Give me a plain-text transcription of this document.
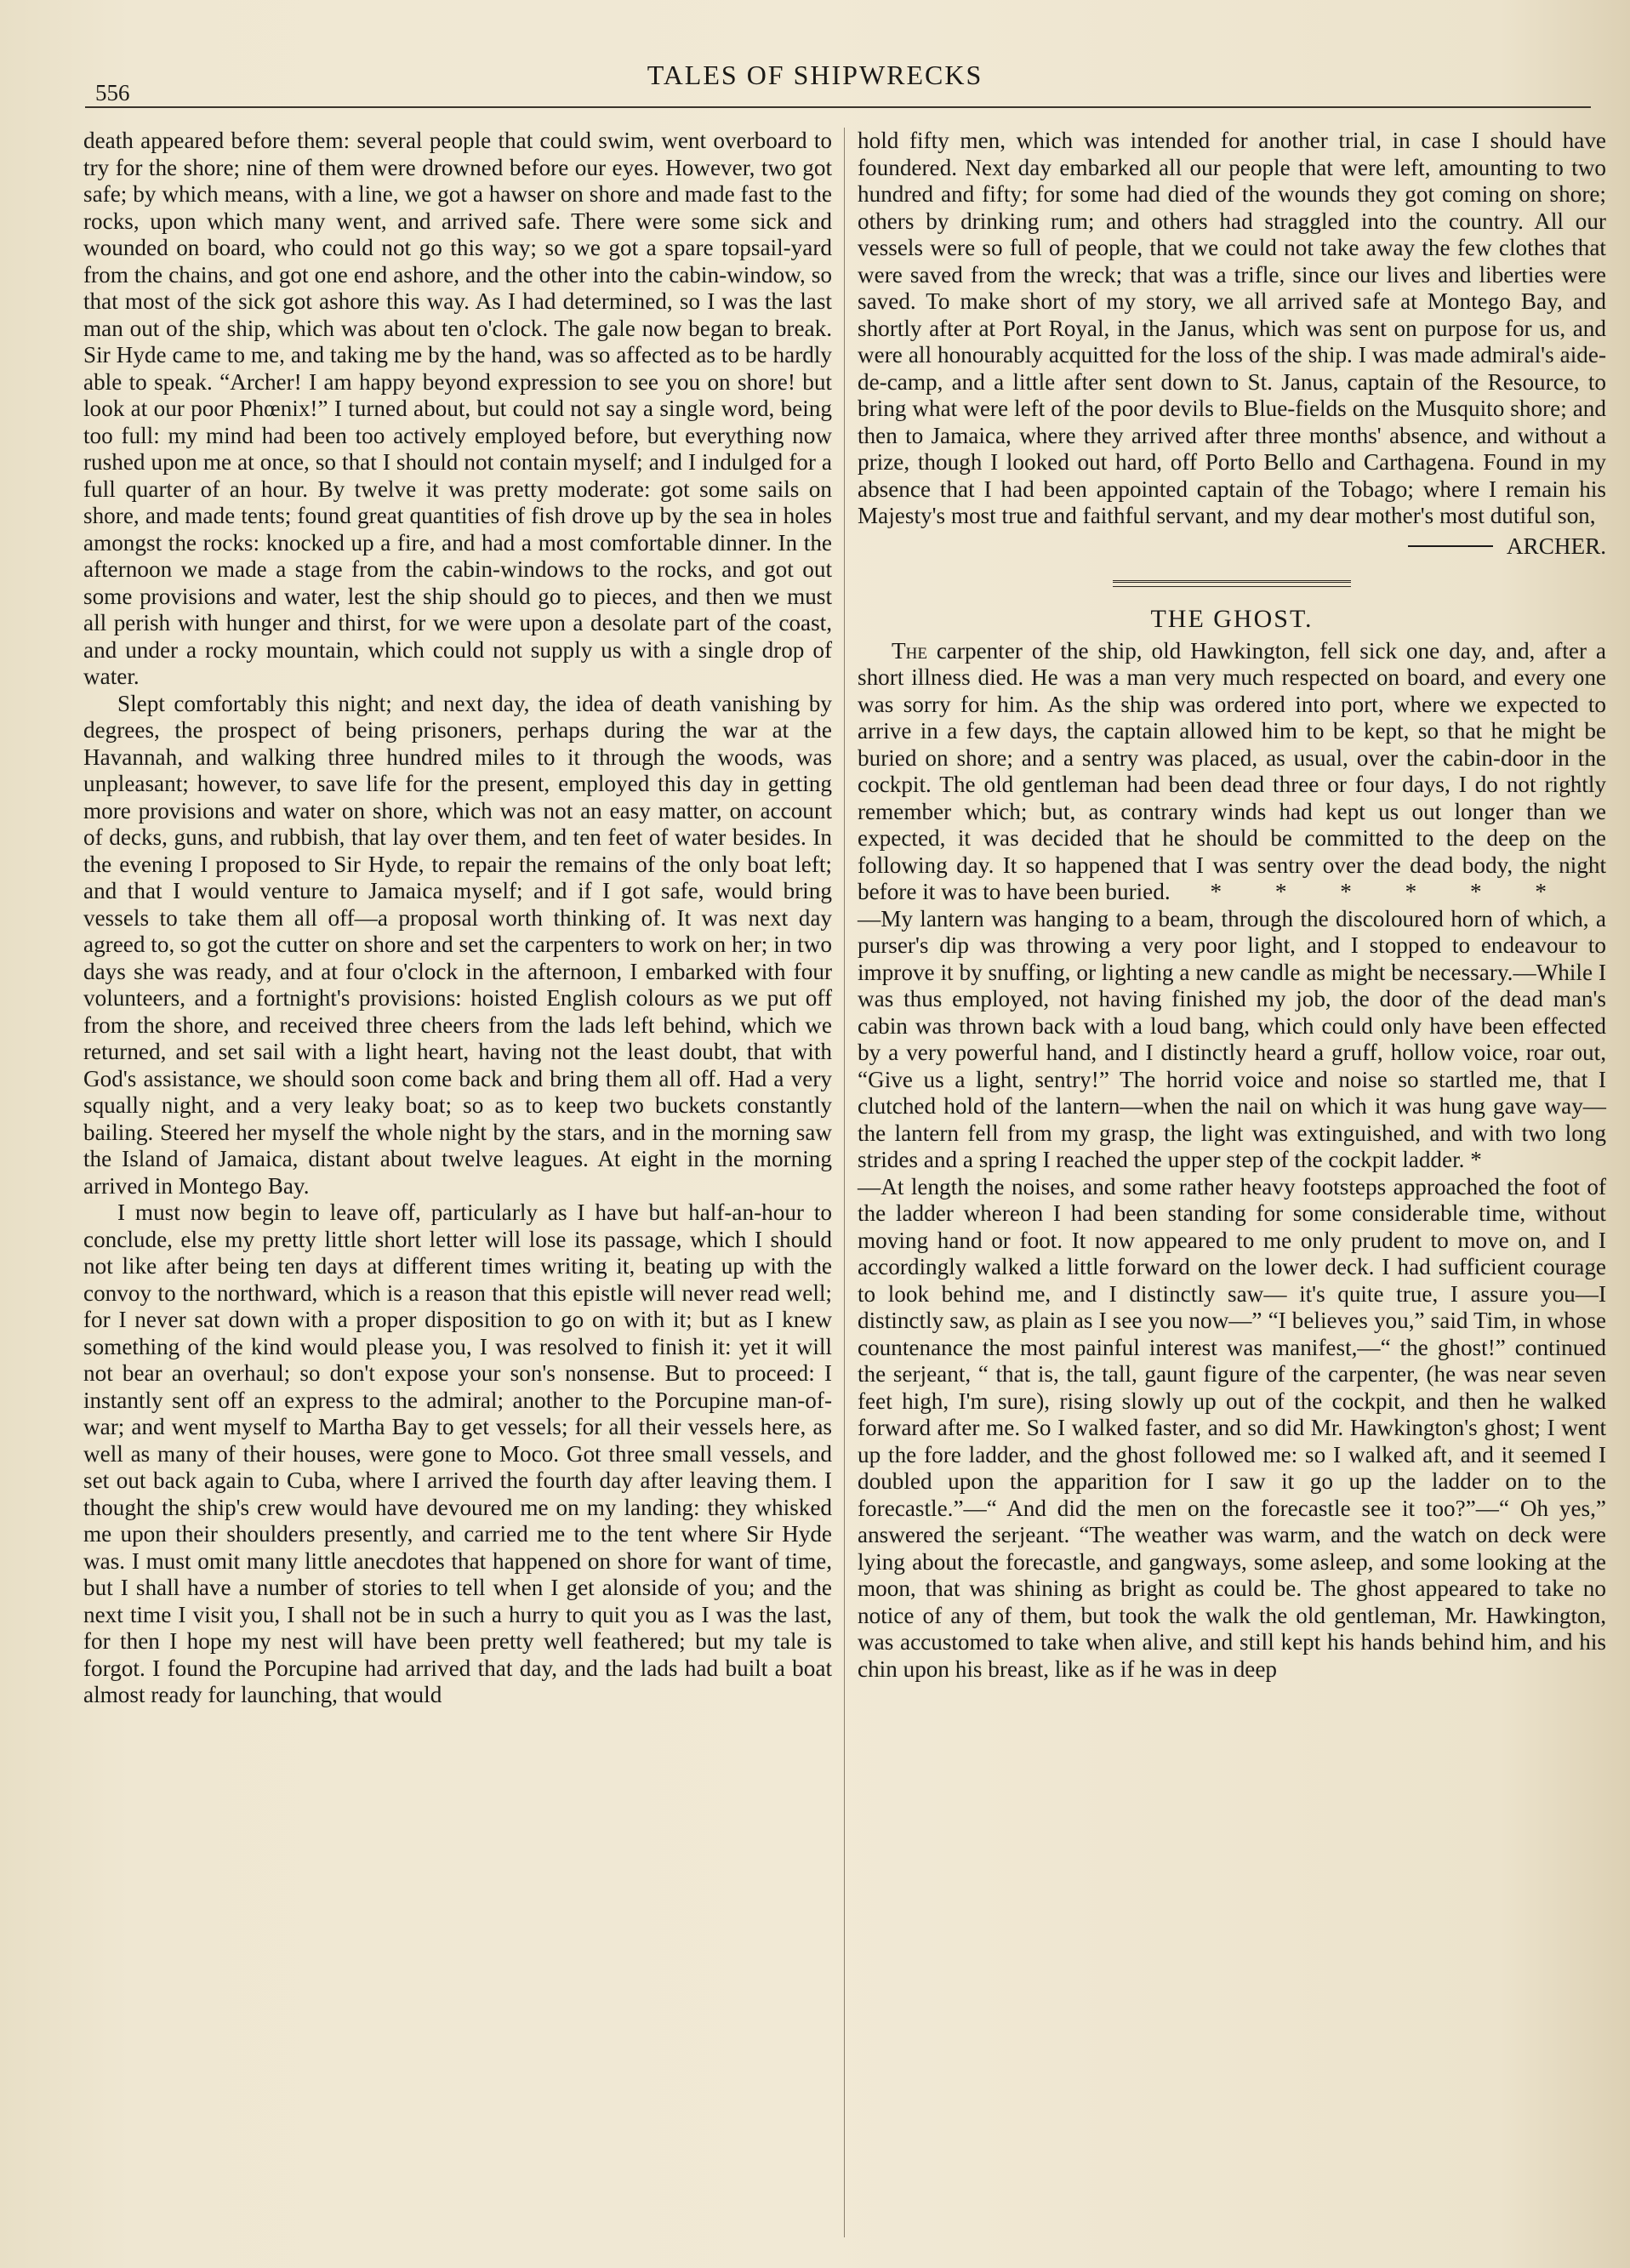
556
TALES OF SHIPWRECKS

death appeared before them: several people that could swim, went overboard to try for the shore; nine of them were drowned before our eyes. However, two got safe; by which means, with a line, we got a hawser on shore and made fast to the rocks, upon which many went, and arrived safe. There were some sick and wounded on board, who could not go this way; so we got a spare topsail-yard from the chains, and got one end ashore, and the other into the cabin-window, so that most of the sick got ashore this way. As I had determined, so I was the last man out of the ship, which was about ten o'clock. The gale now began to break. Sir Hyde came to me, and taking me by the hand, was so affected as to be hardly able to speak. “Archer! I am happy beyond expression to see you on shore! but look at our poor Phœnix!” I turned about, but could not say a single word, being too full: my mind had been too actively employed before, but everything now rushed upon me at once, so that I should not contain myself; and I indulged for a full quarter of an hour. By twelve it was pretty moderate: got some sails on shore, and made tents; found great quantities of fish drove up by the sea in holes amongst the rocks: knocked up a fire, and had a most comfortable dinner. In the afternoon we made a stage from the cabin-windows to the rocks, and got out some provisions and water, lest the ship should go to pieces, and then we must all perish with hunger and thirst, for we were upon a desolate part of the coast, and under a rocky mountain, which could not supply us with a single drop of water.

Slept comfortably this night; and next day, the idea of death vanishing by degrees, the prospect of being prisoners, perhaps during the war at the Havannah, and walking three hundred miles to it through the woods, was unpleasant; however, to save life for the present, employed this day in getting more provisions and water on shore, which was not an easy matter, on account of decks, guns, and rubbish, that lay over them, and ten feet of water besides. In the evening I proposed to Sir Hyde, to repair the remains of the only boat left; and that I would venture to Jamaica myself; and if I got safe, would bring vessels to take them all off—a proposal worth thinking of. It was next day agreed to, so got the cutter on shore and set the carpenters to work on her; in two days she was ready, and at four o'clock in the afternoon, I embarked with four volunteers, and a fortnight's provisions: hoisted English colours as we put off from the shore, and received three cheers from the lads left behind, which we returned, and set sail with a light heart, having not the least doubt, that with God's assistance, we should soon come back and bring them all off. Had a very squally night, and a very leaky boat; so as to keep two buckets constantly bailing. Steered her myself the whole night by the stars, and in the morning saw the Island of Jamaica, distant about twelve leagues. At eight in the morning arrived in Montego Bay.

I must now begin to leave off, particularly as I have but half-an-hour to conclude, else my pretty little short letter will lose its passage, which I should not like after being ten days at different times writing it, beating up with the convoy to the northward, which is a reason that this epistle will never read well; for I never sat down with a proper disposition to go on with it; but as I knew something of the kind would please you, I was resolved to finish it: yet it will not bear an overhaul; so don't expose your son's nonsense. But to proceed: I instantly sent off an express to the admiral; another to the Porcupine man-of-war; and went myself to Martha Bay to get vessels; for all their vessels here, as well as many of their houses, were gone to Moco. Got three small vessels, and set out back again to Cuba, where I arrived the fourth day after leaving them. I thought the ship's crew would have devoured me on my landing: they whisked me upon their shoulders presently, and carried me to the tent where Sir Hyde was. I must omit many little anecdotes that happened on shore for want of time, but I shall have a number of stories to tell when I get alonside of you; and the next time I visit you, I shall not be in such a hurry to quit you as I was the last, for then I hope my nest will have been pretty well feathered; but my tale is forgot. I found the Porcupine had arrived that day, and the lads had built a boat almost ready for launching, that would

hold fifty men, which was intended for another trial, in case I should have foundered. Next day embarked all our people that were left, amounting to two hundred and fifty; for some had died of the wounds they got coming on shore; others by drinking rum; and others had straggled into the country. All our vessels were so full of people, that we could not take away the few clothes that were saved from the wreck; that was a trifle, since our lives and liberties were saved. To make short of my story, we all arrived safe at Montego Bay, and shortly after at Port Royal, in the Janus, which was sent on purpose for us, and were all honourably acquitted for the loss of the ship. I was made admiral's aide-de-camp, and a little after sent down to St. Janus, captain of the Resource, to bring what were left of the poor devils to Blue-fields on the Musquito shore; and then to Jamaica, where they arrived after three months' absence, and without a prize, though I looked out hard, off Porto Bello and Carthagena. Found in my absence that I had been appointed captain of the Tobago; where I remain his Majesty's most true and faithful servant, and my dear mother's most dutiful son,

ARCHER.
THE GHOST.

The carpenter of the ship, old Hawkington, fell sick one day, and, after a short illness died. He was a man very much respected on board, and every one was sorry for him. As the ship was ordered into port, where we expected to arrive in a few days, the captain allowed him to be kept, so that he might be buried on shore; and a sentry was placed, as usual, over the cabin-door in the cockpit. The old gentleman had been dead three or four days, I do not rightly remember which; but, as contrary winds had kept us out longer than we expected, it was decided that he should be committed to the deep on the following day. It so happened that I was sentry over the dead body, the night before it was to have been buried. * * * * * *

—My lantern was hanging to a beam, through the discoloured horn of which, a purser's dip was throwing a very poor light, and I stopped to endeavour to improve it by snuffing, or lighting a new candle as might be necessary.—While I was thus employed, not having finished my job, the door of the dead man's cabin was thrown back with a loud bang, which could only have been effected by a very powerful hand, and I distinctly heard a gruff, hollow voice, roar out, “Give us a light, sentry!” The horrid voice and noise so startled me, that I clutched hold of the lantern—when the nail on which it was hung gave way— the lantern fell from my grasp, the light was extinguished, and with two long strides and a spring I reached the upper step of the cockpit ladder. *

—At length the noises, and some rather heavy footsteps approached the foot of the ladder whereon I had been standing for some considerable time, without moving hand or foot. It now appeared to me only prudent to move on, and I accordingly walked a little forward on the lower deck. I had sufficient courage to look behind me, and I distinctly saw— it's quite true, I assure you—I distinctly saw, as plain as I see you now—” “I believes you,” said Tim, in whose countenance the most painful interest was manifest,—“ the ghost!” continued the serjeant, “ that is, the tall, gaunt figure of the carpenter, (he was near seven feet high, I'm sure), rising slowly up out of the cockpit, and then he walked forward after me. So I walked faster, and so did Mr. Hawkington's ghost; I went up the fore ladder, and the ghost followed me: so I walked aft, and it seemed I doubled upon the apparition for I saw it go up the ladder on to the forecastle.”—“ And did the men on the forecastle see it too?”—“ Oh yes,” answered the serjeant. “The weather was warm, and the watch on deck were lying about the forecastle, and gangways, some asleep, and some looking at the moon, that was shining as bright as could be. The ghost appeared to take no notice of any of them, but took the walk the old gentleman, Mr. Hawkington, was accustomed to take when alive, and still kept his hands behind him, and his chin upon his breast, like as if he was in deep
